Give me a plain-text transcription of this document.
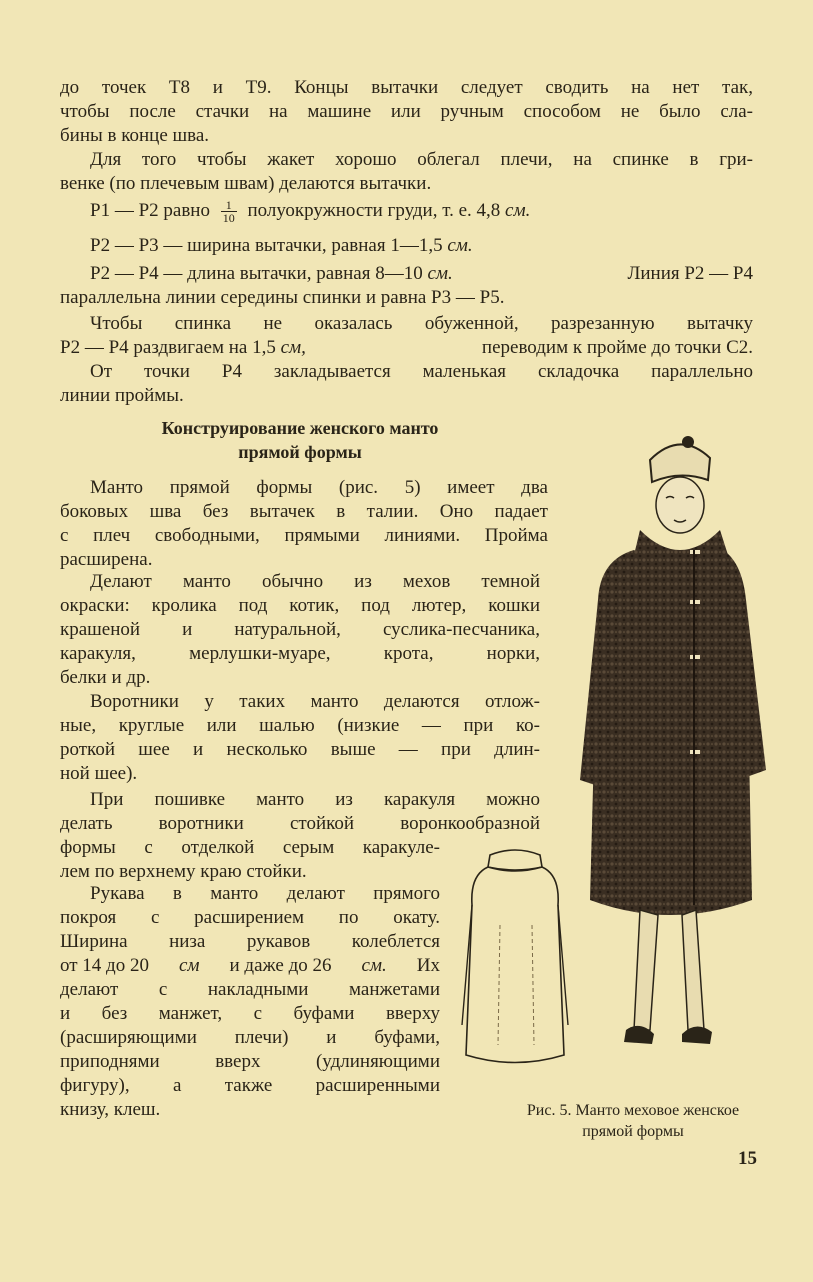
до точек Т8 и Т9. Концы вытачки следует сводить на нет так,
чтобы после стачки на машине или ручным способом не было сла-
бины в конце шва.
Для того чтобы жакет хорошо облегал плечи, на спинке в гри-
венке (по плечевым швам) делаются вытачки.
Р1 — Р2 равно $\frac{1}{10}$ полуокружности груди, т. е. 4,8 см.
Р2 — Р3 — ширина вытачки, равная 1—1,5 см.
Р2 — Р4 — длина вытачки, равная 8—10 см.	Линия Р2 — Р4
параллельна линии середины спинки и равна Р3 — Р5.
Чтобы спинка не оказалась обуженной, разрезанную вытачку
Р2 — Р4 раздвигаем на 1,5 см,	переводим к пройме до точки С2.
От точки Р4 закладывается маленькая складочка параллельно
линии проймы.
Конструирование женского манто
прямой формы
Манто прямой формы (рис. 5) имеет два
боковых шва без вытачек в талии. Оно падает
с плеч свободными, прямыми линиями. Пройма
расширена.
Делают манто обычно из мехов темной
окраски: кролика под котик, под лютер, кошки
крашеной и натуральной, суслика-песчаника,
каракуля, мерлушки-муаре, крота, норки,
белки и др.
Воротники у таких манто делаются отлож-
ные, круглые или шалью (низкие — при ко-
роткой шее и несколько выше — при длин-
ной шее).
При пошивке манто из каракуля можно
делать воротники стойкой воронкообразной
формы с отделкой серым каракуле-
лем по верхнему краю стойки.
Рукава в манто делают прямого
покроя с расширением по окату.
Ширина низа рукавов колеблется
от 14 до 20 см и даже до 26 см. Их
делают с накладными манжетами
и без манжет, с буфами вверху
(расширяющими плечи) и буфами,
приподнями вверх (удлиняющими
фигуру), а также расширенными
книзу, клеш.	Рис. 5. Манто меховое женское
прямой формы
15
